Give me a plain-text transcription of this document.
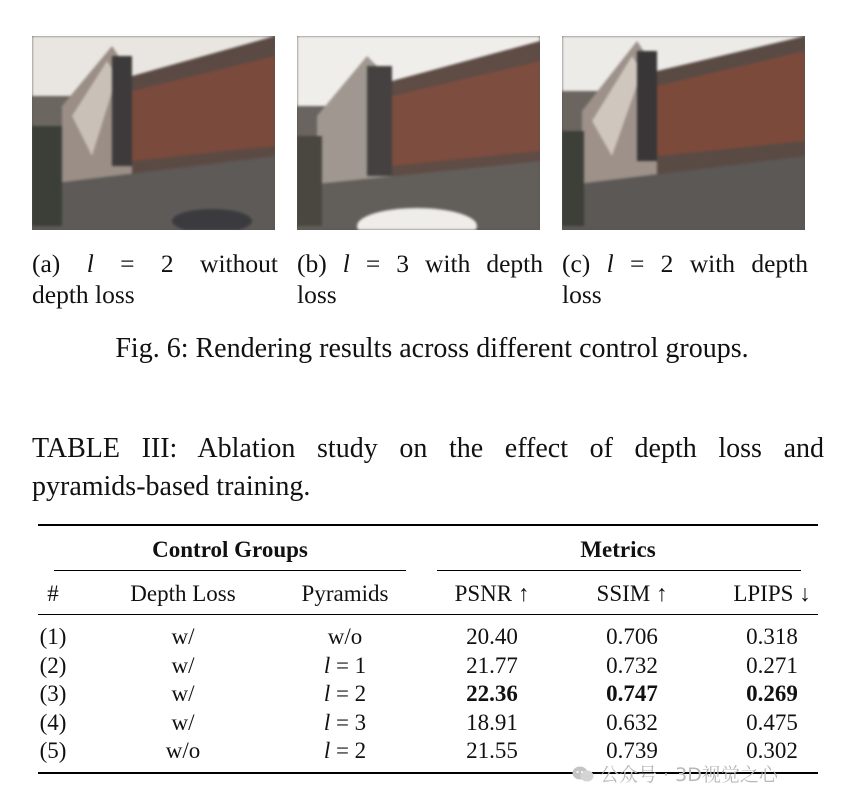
(a) l = 2 without
depth loss
(b) l = 3 with depth
loss
(c) l = 2 with depth
loss
Fig. 6: Rendering results across different control groups.
TABLE III: Ablation study on the effect of depth loss and
pyramids-based training.
Control Groups	Metrics
#	Depth Loss	Pyramids	PSNR ↑	SSIM ↑	LPIPS ↓
(1)	w/	w/o	20.40	0.706	0.318
(2)	w/	l = 1	21.77	0.732	0.271
(3)	w/	l = 2	22.36	0.747	0.269
(4)	w/	l = 3	18.91	0.632	0.475
(5)	w/o	l = 2	21.55	0.739	0.302
公众号 · 3D视觉之心
